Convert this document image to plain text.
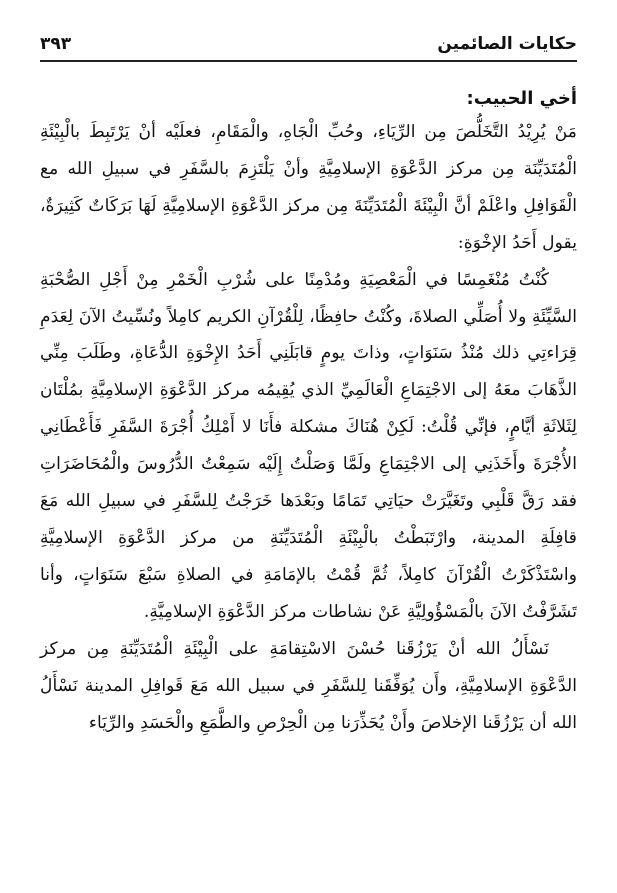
حكايات الصائمين
٣٩٣

أخي الحبيب:

مَنْ يُرِيْدُ التَّخَلُّصَ مِن الرِّيَاءِ، وحُبِّ الْجَاهِ، والْمَقَامِ، فعلَيْه أنْ يَرْتَبِطَ بالْبِيْئَةِ الْمُتَدَيِّنَة مِن مركز الدَّعْوَةِ الإسلامِيَّةِ وأنْ يَلْتَزِمَ بالسَّفَرِ في سبيلِ الله مع الْقَوَافِلِ واعْلَمْ أنَّ الْبِيْئَةَ الْمُتَدَيِّنَةَ مِن مركز الدَّعْوَةِ الإسلامِيَّةِ لَهَا بَرَكَاتٌ كَثِيرَةٌ، يقول أَحَدُ الإخْوَةِ:

كُنْتُ مُنْغَمِسًا في الْمَعْصِيَةِ ومُدْمِنًا على شُرْبِ الْخَمْرِ مِنْ أَجْلِ الصُّحْبَةِ السَّيِّئَةِ ولا أُصَلِّي الصلاةَ، وكُنْتُ حافِظًا، لِلْقُرْآنِ الكريم كامِلاً ونُسِّيتُ الآنَ لِعَدَمِ قِرَاءتِي ذلك مُنْذُ سَنَوَاتٍ، وذاتَ يومٍ قابَلَنِي أَحَدُ الإِخْوَةِ الدُّعَاةِ، وطَلَبَ مِنِّي الذَّهَابَ معَهُ إلى الاجْتِمَاعِ الْعَالَمِيِّ الذي يُقِيمُه مركز الدَّعْوَةِ الإسلامِيَّةِ بمُلْتَان لِثَلاثَةِ أيَّامٍ، فإنِّي قُلْتُ: لَكِنْ هُنَاكَ مشكلة فأَنَا لا أَمْلِكُ أُجْرَةَ السَّفَرِ فَأَعْطَانِي الأُجْرَةَ وأَخَذَنِي إلى الاجْتِمَاعِ ولَمَّا وَصَلْتُ إِلَيْه سَمِعْتُ الدُّرُوسَ والْمُحَاضَرَاتِ فقد رَقَّ قَلْبِي وتَغَيَّرَتْ حيَاتِي تَمَامًا وبَعْدَها خَرَجْتُ لِلسَّفَرِ في سبيلِ الله مَعَ قافِلَةِ المدينة، وارْتَبَطْتُ بالْبِيْئَةِ الْمُتَدَيِّنَةِ من مركز الدَّعْوَةِ الإسلامِيَّةِ واسْتَذْكَرْتُ الْقُرْآنَ كامِلاً، ثُمَّ قُمْتُ بالإمَامَةِ في الصلاةِ سَبْعَ سَنَوَاتٍ، وأنا تَشَرَّفْتُ الآنَ بالْمَسْؤُولِيَّةِ عَنْ نشاطات مركز الدَّعْوَةِ الإسلامِيَّةِ.

نَسْأَلُ الله أنْ يَرْزُقَنا حُسْنَ الاسْتِقامَةِ على الْبِيْئَةِ الْمُتَدَيِّنَةِ مِن مركز الدَّعْوَةِ الإسلامِيَّةِ، وأَن يُوَفِّقَنا لِلسَّفَرِ في سبيل الله مَعَ قَوافِلِ المدينة نَسْأَلُ الله أن يَرْزُقَنا الإخلاصَ وأَنْ يُحَذِّرَنا مِن الْحِرْصِ والطَّمَعِ والْحَسَدِ والرِّيَاء
